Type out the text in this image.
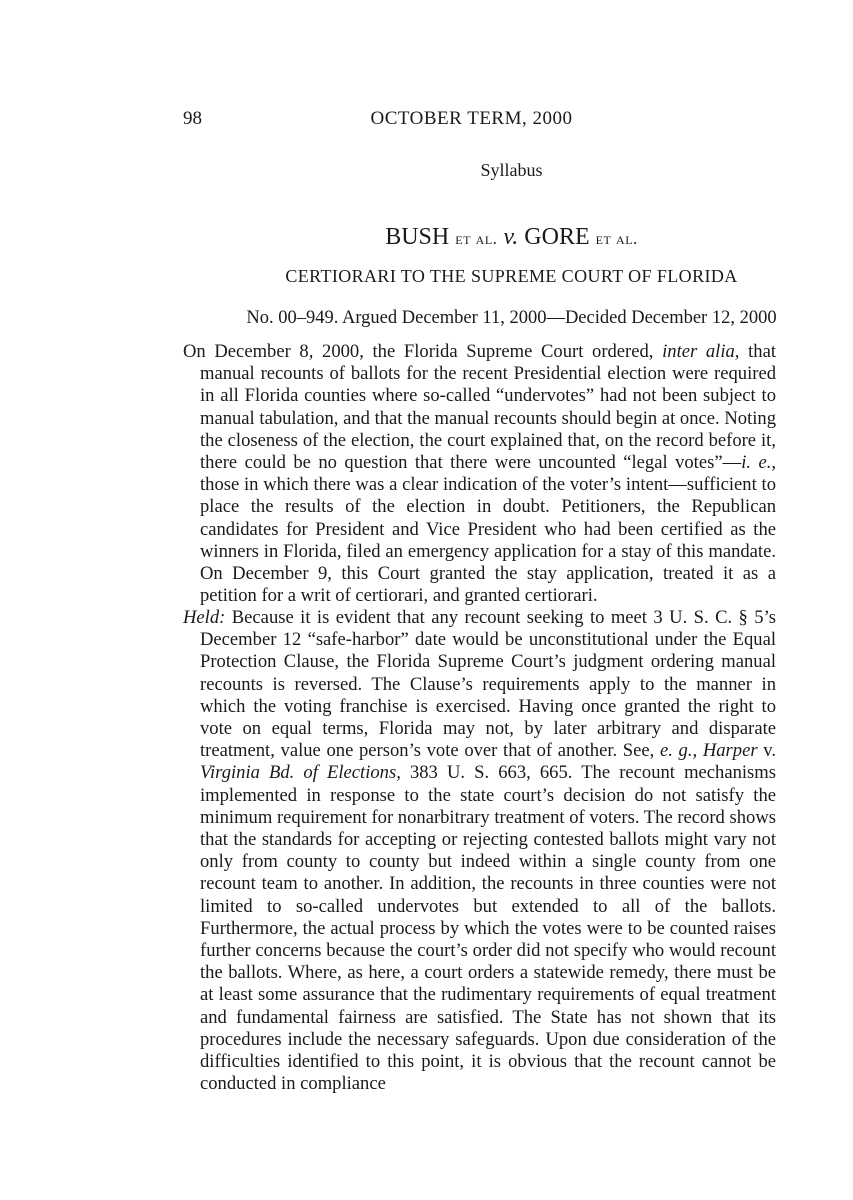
98	OCTOBER TERM, 2000
Syllabus
BUSH et al. v. GORE et al.
CERTIORARI TO THE SUPREME COURT OF FLORIDA
No. 00–949. Argued December 11, 2000—Decided December 12, 2000
On December 8, 2000, the Florida Supreme Court ordered, inter alia, that manual recounts of ballots for the recent Presidential election were required in all Florida counties where so-called “undervotes” had not been subject to manual tabulation, and that the manual recounts should begin at once. Noting the closeness of the election, the court explained that, on the record before it, there could be no question that there were uncounted “legal votes”—i. e., those in which there was a clear indication of the voter’s intent—sufficient to place the results of the election in doubt. Petitioners, the Republican candidates for President and Vice President who had been certified as the winners in Florida, filed an emergency application for a stay of this mandate. On December 9, this Court granted the stay application, treated it as a petition for a writ of certiorari, and granted certiorari.
Held: Because it is evident that any recount seeking to meet 3 U. S. C. § 5’s December 12 “safe-harbor” date would be unconstitutional under the Equal Protection Clause, the Florida Supreme Court’s judgment ordering manual recounts is reversed. The Clause’s requirements apply to the manner in which the voting franchise is exercised. Having once granted the right to vote on equal terms, Florida may not, by later arbitrary and disparate treatment, value one person’s vote over that of another. See, e. g., Harper v. Virginia Bd. of Elections, 383 U. S. 663, 665. The recount mechanisms implemented in response to the state court’s decision do not satisfy the minimum requirement for nonarbitrary treatment of voters. The record shows that the standards for accepting or rejecting contested ballots might vary not only from county to county but indeed within a single county from one recount team to another. In addition, the recounts in three counties were not limited to so-called undervotes but extended to all of the ballots. Furthermore, the actual process by which the votes were to be counted raises further concerns because the court’s order did not specify who would recount the ballots. Where, as here, a court orders a statewide remedy, there must be at least some assurance that the rudimentary requirements of equal treatment and fundamental fairness are satisfied. The State has not shown that its procedures include the necessary safeguards. Upon due consideration of the difficulties identified to this point, it is obvious that the recount cannot be conducted in compliance
